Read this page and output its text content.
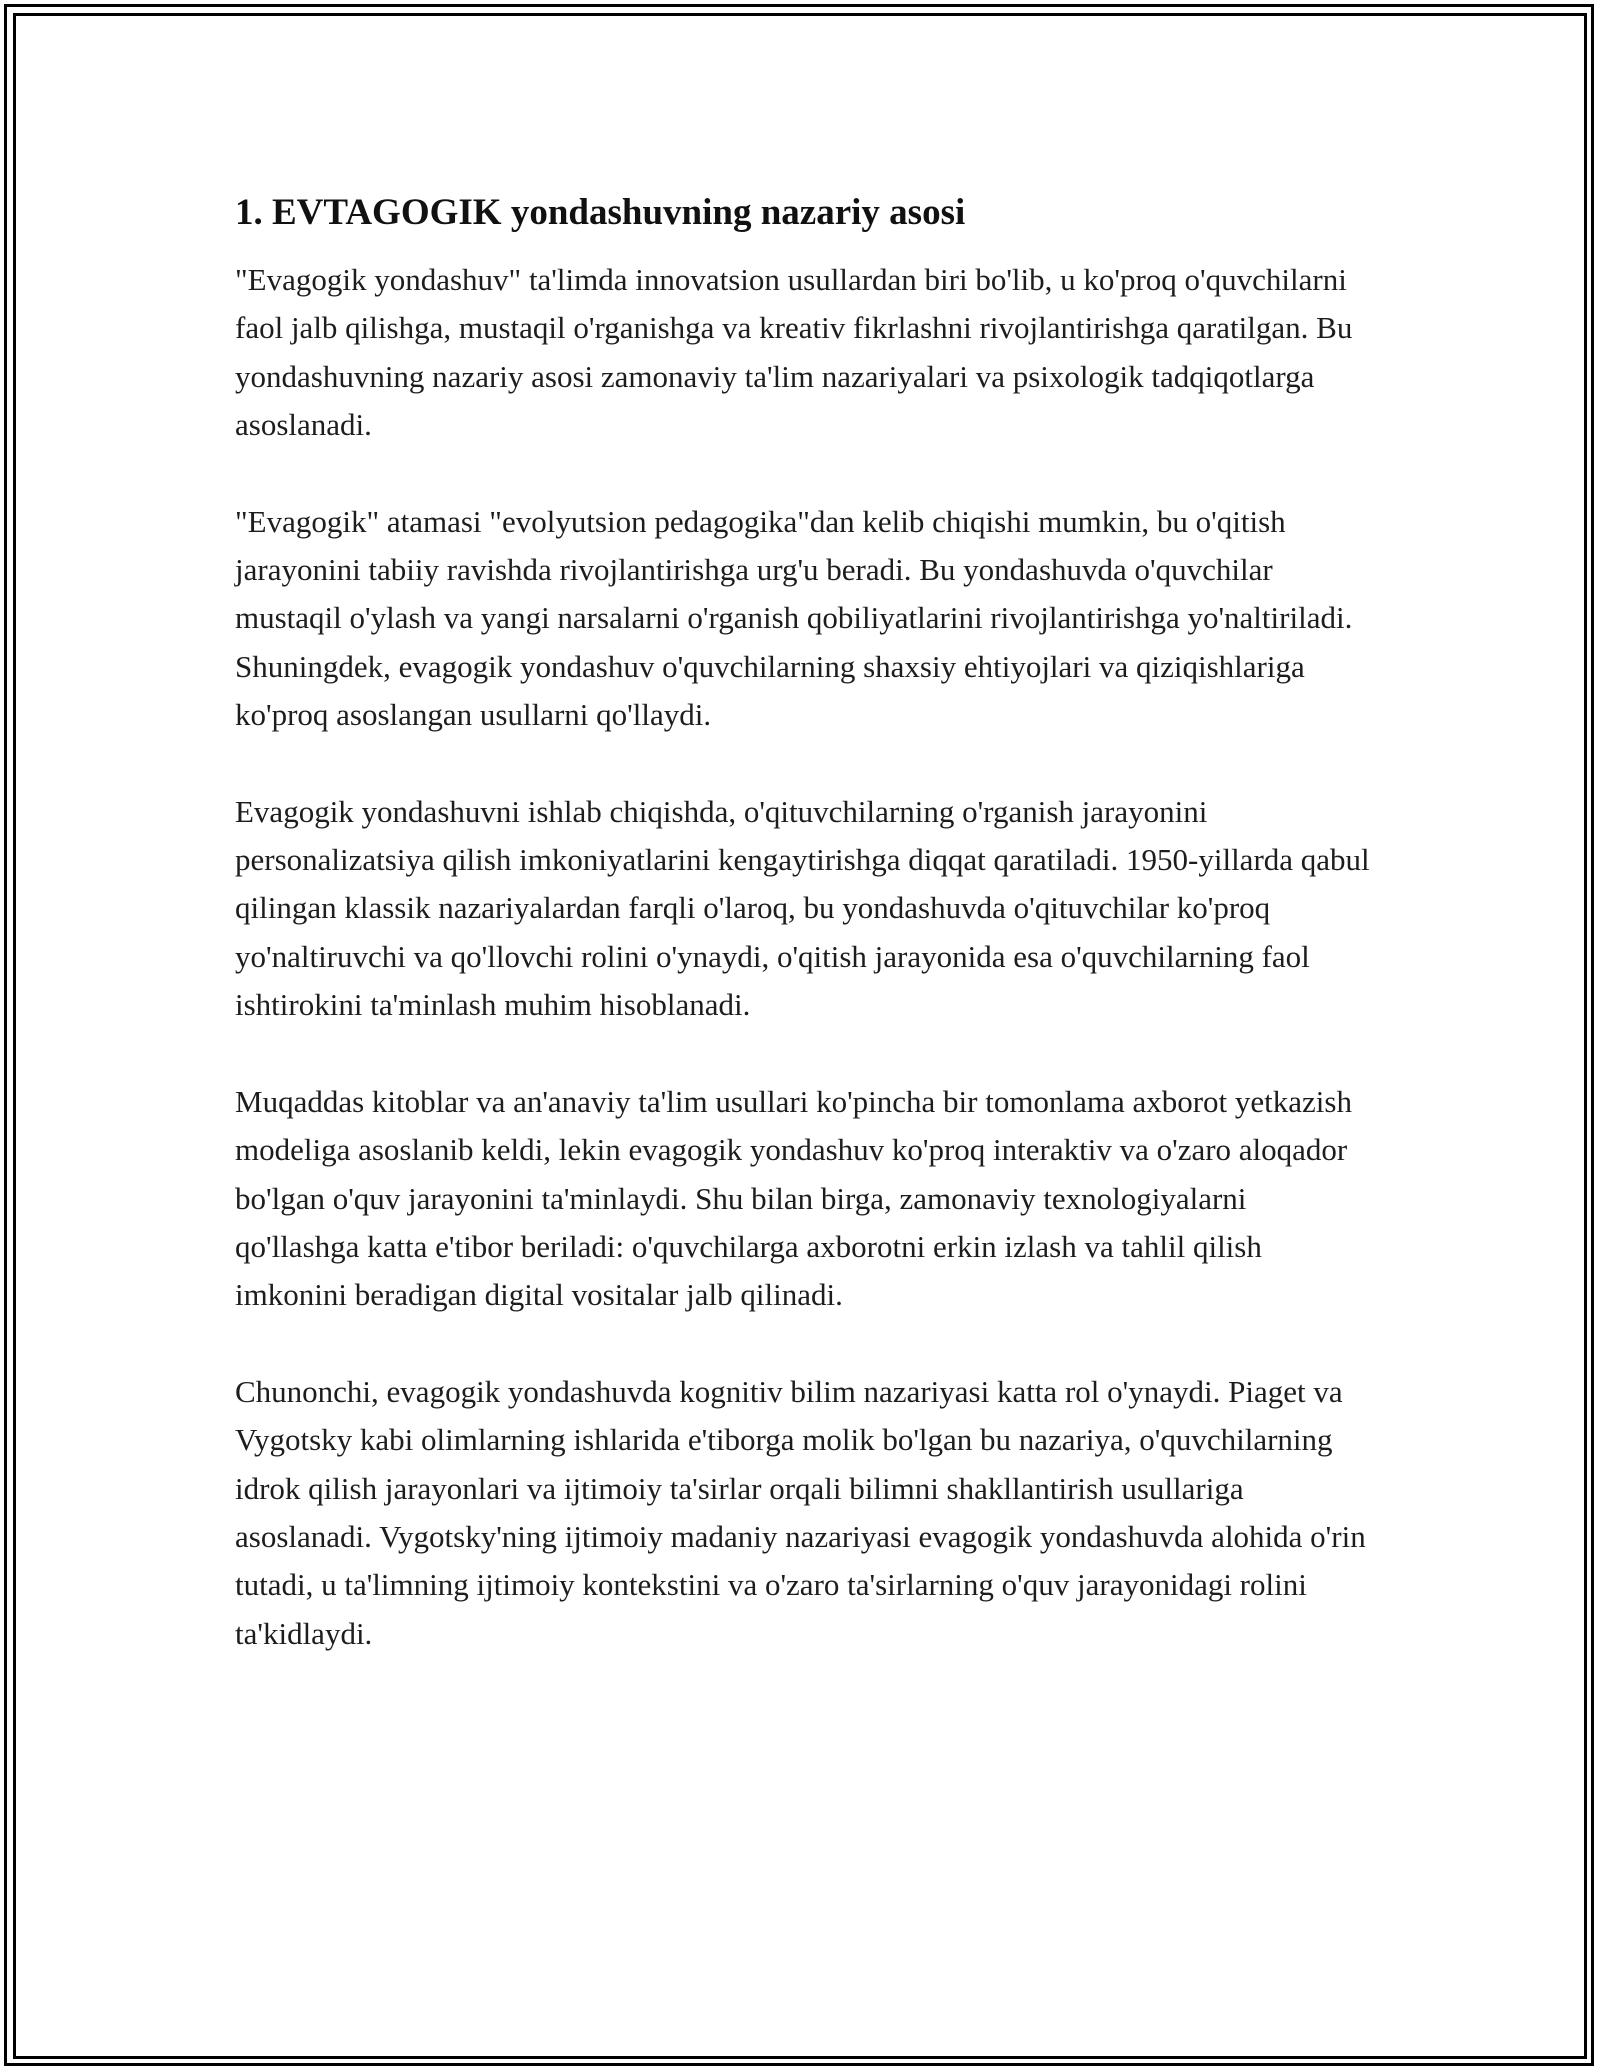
1. EVTAGOGIK yondashuvning nazariy asosi

"Evagogik yondashuv" ta'limda innovatsion usullardan biri bo'lib, u ko'proq o'quvchilarni faol jalb qilishga, mustaqil o'rganishga va kreativ fikrlashni rivojlantirishga qaratilgan. Bu yondashuvning nazariy asosi zamonaviy ta'lim nazariyalari va psixologik tadqiqotlarga asoslanadi.

"Evagogik" atamasi "evolyutsion pedagogika"dan kelib chiqishi mumkin, bu o'qitish jarayonini tabiiy ravishda rivojlantirishga urg'u beradi. Bu yondashuvda o'quvchilar mustaqil o'ylash va yangi narsalarni o'rganish qobiliyatlarini rivojlantirishga yo'naltiriladi. Shuningdek, evagogik yondashuv o'quvchilarning shaxsiy ehtiyojlari va qiziqishlariga ko'proq asoslangan usullarni qo'llaydi.

Evagogik yondashuvni ishlab chiqishda, o'qituvchilarning o'rganish jarayonini personalizatsiya qilish imkoniyatlarini kengaytirishga diqqat qaratiladi. 1950-yillarda qabul qilingan klassik nazariyalardan farqli o'laroq, bu yondashuvda o'qituvchilar ko'proq yo'naltiruvchi va qo'llovchi rolini o'ynaydi, o'qitish jarayonida esa o'quvchilarning faol ishtirokini ta'minlash muhim hisoblanadi.

Muqaddas kitoblar va an'anaviy ta'lim usullari ko'pincha bir tomonlama axborot yetkazish modeliga asoslanib keldi, lekin evagogik yondashuv ko'proq interaktiv va o'zaro aloqador bo'lgan o'quv jarayonini ta'minlaydi. Shu bilan birga, zamonaviy texnologiyalarni qo'llashga katta e'tibor beriladi: o'quvchilarga axborotni erkin izlash va tahlil qilish imkonini beradigan digital vositalar jalb qilinadi.

Chunonchi, evagogik yondashuvda kognitiv bilim nazariyasi katta rol o'ynaydi. Piaget va Vygotsky kabi olimlarning ishlarida e'tiborga molik bo'lgan bu nazariya, o'quvchilarning idrok qilish jarayonlari va ijtimoiy ta'sirlar orqali bilimni shakllantirish usullariga asoslanadi. Vygotsky'ning ijtimoiy madaniy nazariyasi evagogik yondashuvda alohida o'rin tutadi, u ta'limning ijtimoiy kontekstini va o'zaro ta'sirlarning o'quv jarayonidagi rolini ta'kidlaydi.
